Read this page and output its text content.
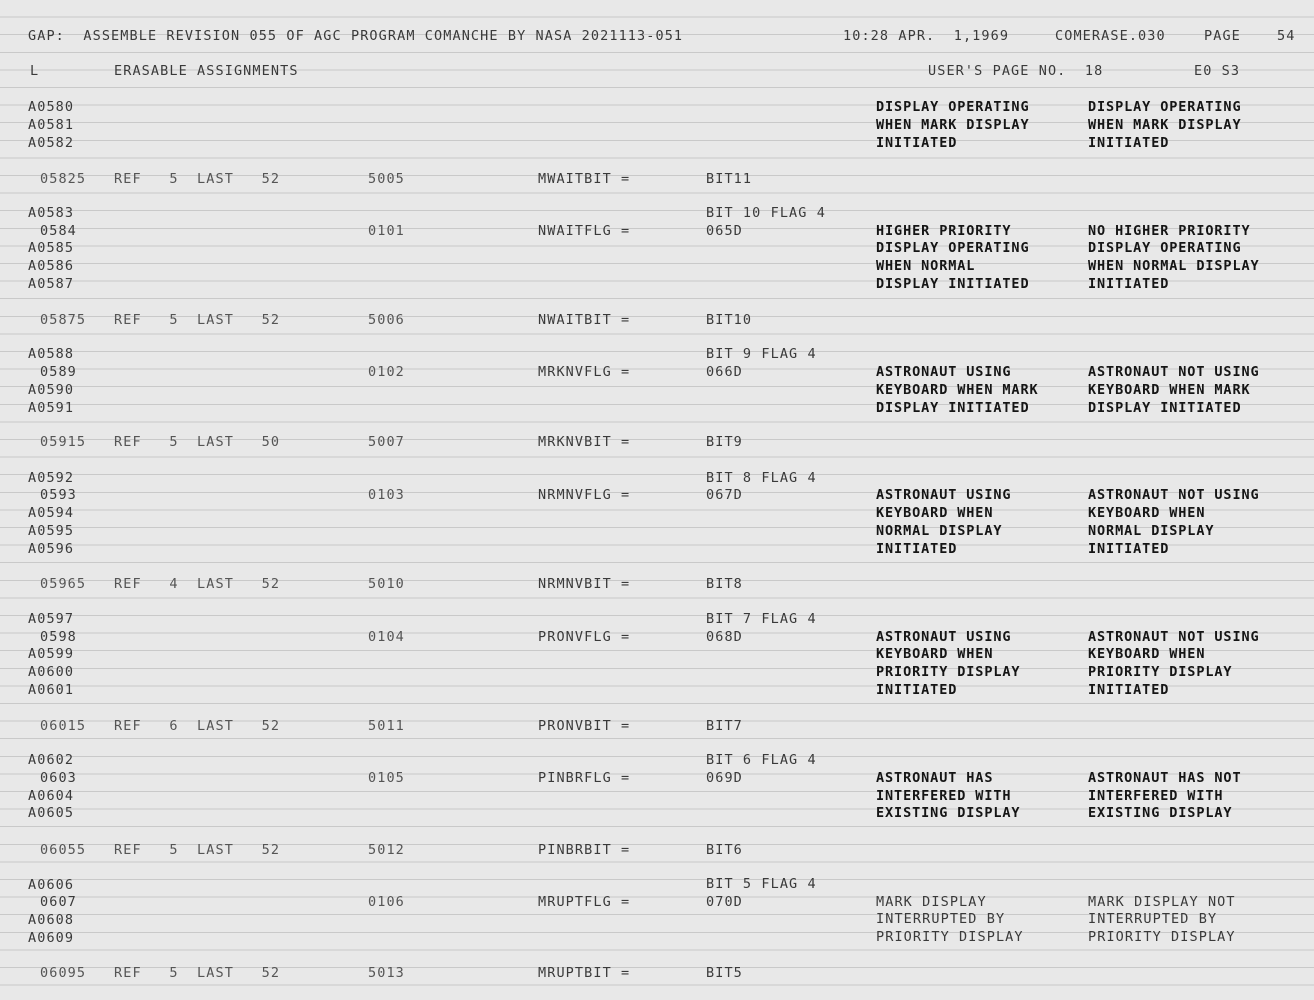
GAP:  ASSEMBLE REVISION 055 OF AGC PROGRAM COMANCHE BY NASA 2021113-051	10:28 APR.  1,1969	COMERASE.030	PAGE	54
L	ERASABLE ASSIGNMENTS	USER'S PAGE NO.  18	E0 S3
A0580	DISPLAY OPERATING	DISPLAY OPERATING
A0581	WHEN MARK DISPLAY	WHEN MARK DISPLAY
A0582	INITIATED	INITIATED
05825 REF   5  LAST   52	5005	MWAITBIT =	BIT11
A0583	BIT 10 FLAG 4
0584	0101	NWAITFLG =	065D	HIGHER PRIORITY	NO HIGHER PRIORITY
A0585	DISPLAY OPERATING	DISPLAY OPERATING
A0586	WHEN NORMAL	WHEN NORMAL DISPLAY
A0587	DISPLAY INITIATED	INITIATED
05875 REF   5  LAST   52	5006	NWAITBIT =	BIT10
A0588	BIT 9 FLAG 4
0589	0102	MRKNVFLG =	066D	ASTRONAUT USING	ASTRONAUT NOT USING
A0590	KEYBOARD WHEN MARK	KEYBOARD WHEN MARK
A0591	DISPLAY INITIATED	DISPLAY INITIATED
05915 REF   5  LAST   50	5007	MRKNVBIT =	BIT9
A0592	BIT 8 FLAG 4
0593	0103	NRMNVFLG =	067D	ASTRONAUT USING	ASTRONAUT NOT USING
A0594	KEYBOARD WHEN	KEYBOARD WHEN
A0595	NORMAL DISPLAY	NORMAL DISPLAY
A0596	INITIATED	INITIATED
05965 REF   4  LAST   52	5010	NRMNVBIT =	BIT8
A0597	BIT 7 FLAG 4
0598	0104	PRONVFLG =	068D	ASTRONAUT USING	ASTRONAUT NOT USING
A0599	KEYBOARD WHEN	KEYBOARD WHEN
A0600	PRIORITY DISPLAY	PRIORITY DISPLAY
A0601	INITIATED	INITIATED
06015 REF   6  LAST   52	5011	PRONVBIT =	BIT7
A0602	BIT 6 FLAG 4
0603	0105	PINBRFLG =	069D	ASTRONAUT HAS	ASTRONAUT HAS NOT
A0604	INTERFERED WITH	INTERFERED WITH
A0605	EXISTING DISPLAY	EXISTING DISPLAY
06055 REF   5  LAST   52	5012	PINBRBIT =	BIT6
A0606	BIT 5 FLAG 4
0607	0106	MRUPTFLG =	070D	MARK DISPLAY	MARK DISPLAY NOT
A0608	INTERRUPTED BY	INTERRUPTED BY
A0609	PRIORITY DISPLAY	PRIORITY DISPLAY
06095 REF   5  LAST   52	5013	MRUPTBIT =	BIT5
